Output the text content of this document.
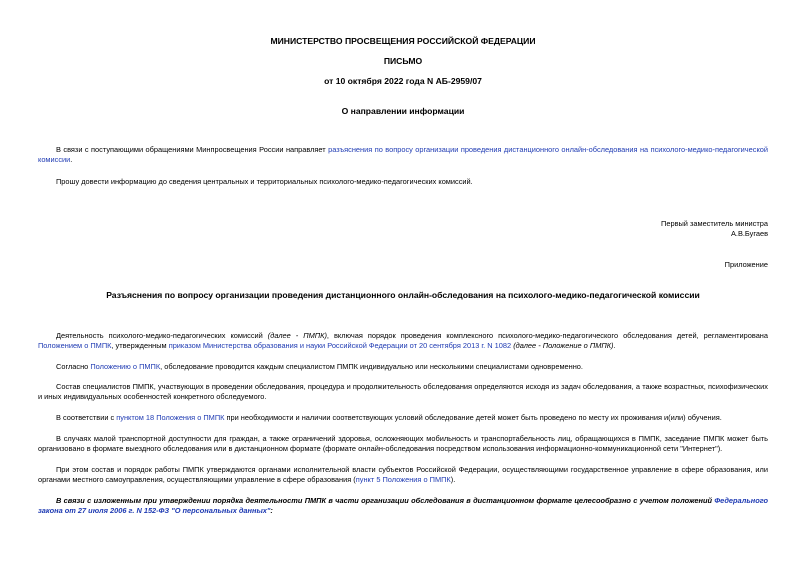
МИНИСТЕРСТВО ПРОСВЕЩЕНИЯ РОССИЙСКОЙ ФЕДЕРАЦИИ
ПИСЬМО
от 10 октября 2022 года N АБ-2959/07
О направлении информации
В связи с поступающими обращениями Минпросвещения России направляет разъяснения по вопросу организации проведения дистанционного онлайн-обследования на психолого-медико-педагогической комиссии.
Прошу довести информацию до сведения центральных и территориальных психолого-медико-педагогических комиссий.
Первый заместитель министра
А.В.Бугаев
Приложение
Разъяснения по вопросу организации проведения дистанционного онлайн-обследования на психолого-медико-педагогической комиссии
Деятельность психолого-медико-педагогических комиссий (далее - ПМПК), включая порядок проведения комплексного психолого-медико-педагогического обследования детей, регламентирована Положением о ПМПК, утвержденным приказом Министерства образования и науки Российской Федерации от 20 сентября 2013 г. N 1082 (далее - Положение о ПМПК).
Согласно Положению о ПМПК, обследование проводится каждым специалистом ПМПК индивидуально или несколькими специалистами одновременно.
Состав специалистов ПМПК, участвующих в проведении обследования, процедура и продолжительность обследования определяются исходя из задач обследования, а также возрастных, психофизических и иных индивидуальных особенностей конкретного обследуемого.
В соответствии с пунктом 18 Положения о ПМПК при необходимости и наличии соответствующих условий обследование детей может быть проведено по месту их проживания и(или) обучения.
В случаях малой транспортной доступности для граждан, а также ограничений здоровья, осложняющих мобильность и транспортабельность лиц, обращающихся в ПМПК, заседание ПМПК может быть организовано в формате выездного обследования или в дистанционном формате (формате онлайн-обследования посредством использования информационно-коммуникационной сети "Интернет").
При этом состав и порядок работы ПМПК утверждаются органами исполнительной власти субъектов Российской Федерации, осуществляющими государственное управление в сфере образования, или органами местного самоуправления, осуществляющими управление в сфере образования (пункт 5 Положения о ПМПК).
В связи с изложенным при утверждении порядка деятельности ПМПК в части организации обследования в дистанционном формате целесообразно с учетом положений Федерального закона от 27 июля 2006 г. N 152-ФЗ "О персональных данных":
